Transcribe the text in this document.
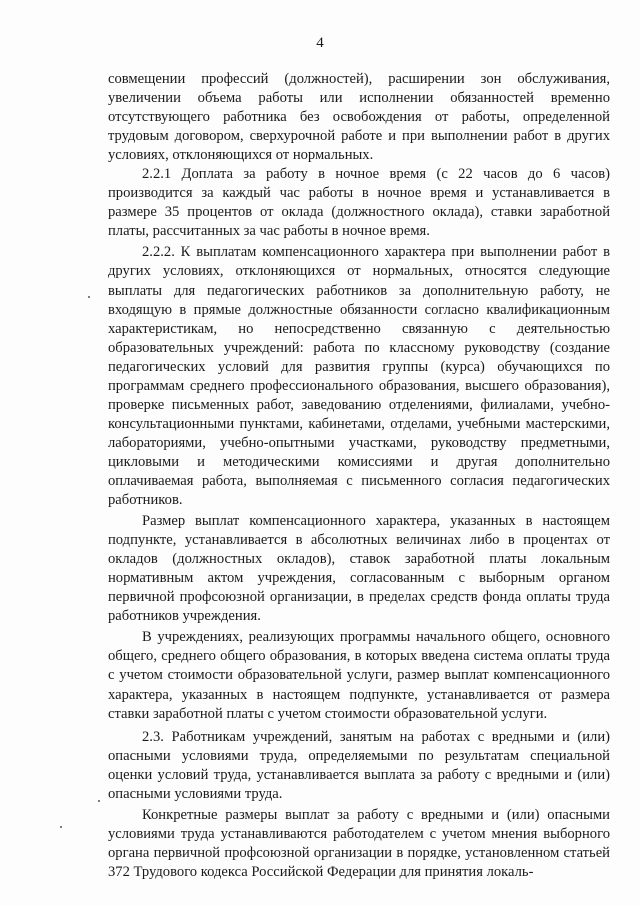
4

совмещении профессий (должностей), расширении зон обслуживания, увеличении объема работы или исполнении обязанностей временно отсутствующего работника без освобождения от работы, определенной трудовым договором, сверхурочной работе и при выполнении работ в других условиях, отклоняющихся от нормальных.

2.2.1 Доплата за работу в ночное время (с 22 часов до 6 часов) производится за каждый час работы в ночное время и устанавливается в размере 35 процентов от оклада (должностного оклада), ставки заработной платы, рассчитанных за час работы в ночное время.

2.2.2. К выплатам компенсационного характера при выполнении работ в других условиях, отклоняющихся от нормальных, относятся следующие выплаты для педагогических работников за дополнительную работу, не входящую в прямые должностные обязанности согласно квалификационным характеристикам, но непосредственно связанную с деятельностью образовательных учреждений: работа по классному руководству (создание педагогических условий для развития группы (курса) обучающихся по программам среднего профессионального образования, высшего образования), проверке письменных работ, заведованию отделениями, филиалами, учебно-консультационными пунктами, кабинетами, отделами, учебными мастерскими, лабораториями, учебно-опытными участками, руководству предметными, цикловыми и методическими комиссиями и другая дополнительно оплачиваемая работа, выполняемая с письменного согласия педагогических работников.

Размер выплат компенсационного характера, указанных в настоящем подпункте, устанавливается в абсолютных величинах либо в процентах от окладов (должностных окладов), ставок заработной платы локальным нормативным актом учреждения, согласованным с выборным органом первичной профсоюзной организации, в пределах средств фонда оплаты труда работников учреждения.

В учреждениях, реализующих программы начального общего, основного общего, среднего общего образования, в которых введена система оплаты труда с учетом стоимости образовательной услуги, размер выплат компенсационного характера, указанных в настоящем подпункте, устанавливается от размера ставки заработной платы с учетом стоимости образовательной услуги.

2.3. Работникам учреждений, занятым на работах с вредными и (или) опасными условиями труда, определяемыми по результатам специальной оценки условий труда, устанавливается выплата за работу с вредными и (или) опасными условиями труда.

Конкретные размеры выплат за работу с вредными и (или) опасными условиями труда устанавливаются работодателем с учетом мнения выборного органа первичной профсоюзной организации в порядке, установленном статьей 372 Трудового кодекса Российской Федерации для принятия локаль-
